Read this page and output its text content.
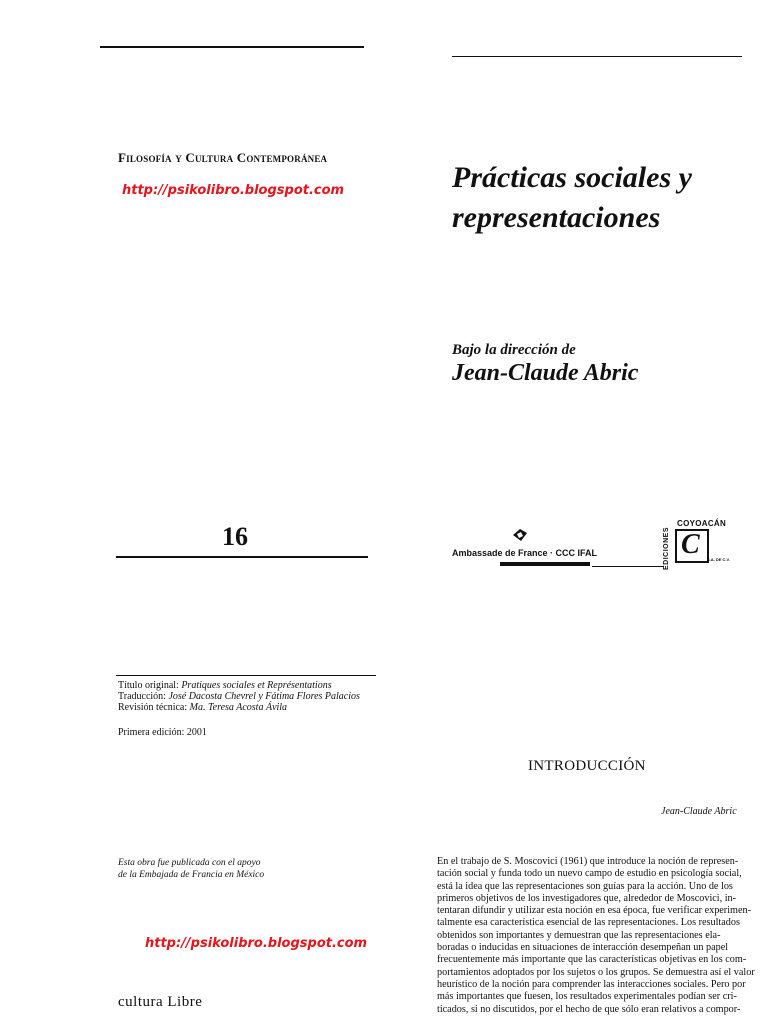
Filosofía y Cultura Contemporánea
http://psikolibro.blogspot.com
16
Título original: Pratiques sociales et Représentations
Traducción: José Dacosta Chevrel y Fátima Flores Palacios
Revisión técnica: Ma. Teresa Acosta Ávila
Primera edición: 2001
Esta obra fue publicada con el apoyo
de la Embajada de Francia en México
http://psikolibro.blogspot.com
cultura Libre
Prácticas sociales y
representaciones
Bajo la dirección de
Jean-Claude Abric
Ambassade de France · CCC IFAL
COYOACÁN
EDICIONES C S.A. DE C.V.
INTRODUCCIÓN
Jean-Claude Abric
En el trabajo de S. Moscovici (1961) que introduce la noción de represen-
tación social y funda todo un nuevo campo de estudio en psicología social,
está la idea que las representaciones son guías para la acción. Uno de los
primeros objetivos de los investigadores que, alrededor de Moscovici, in-
tentaran difundir y utilizar esta noción en esa época, fue verificar experimen-
talmente esa característica esencial de las representaciones. Los resultados
obtenidos son importantes y demuestran que las representaciones ela-
boradas o inducidas en situaciones de interacción desempeñan un papel
frecuentemente más importante que las características objetivas en los com-
portamientos adoptados por los sujetos o los grupos. Se demuestra así el valor
heurístico de la noción para comprender las interacciones sociales. Pero por
más importantes que fuesen, los resultados experimentales podían ser cri-
ticados, si no discutidos, por el hecho de que sólo eran relativos a compor-
